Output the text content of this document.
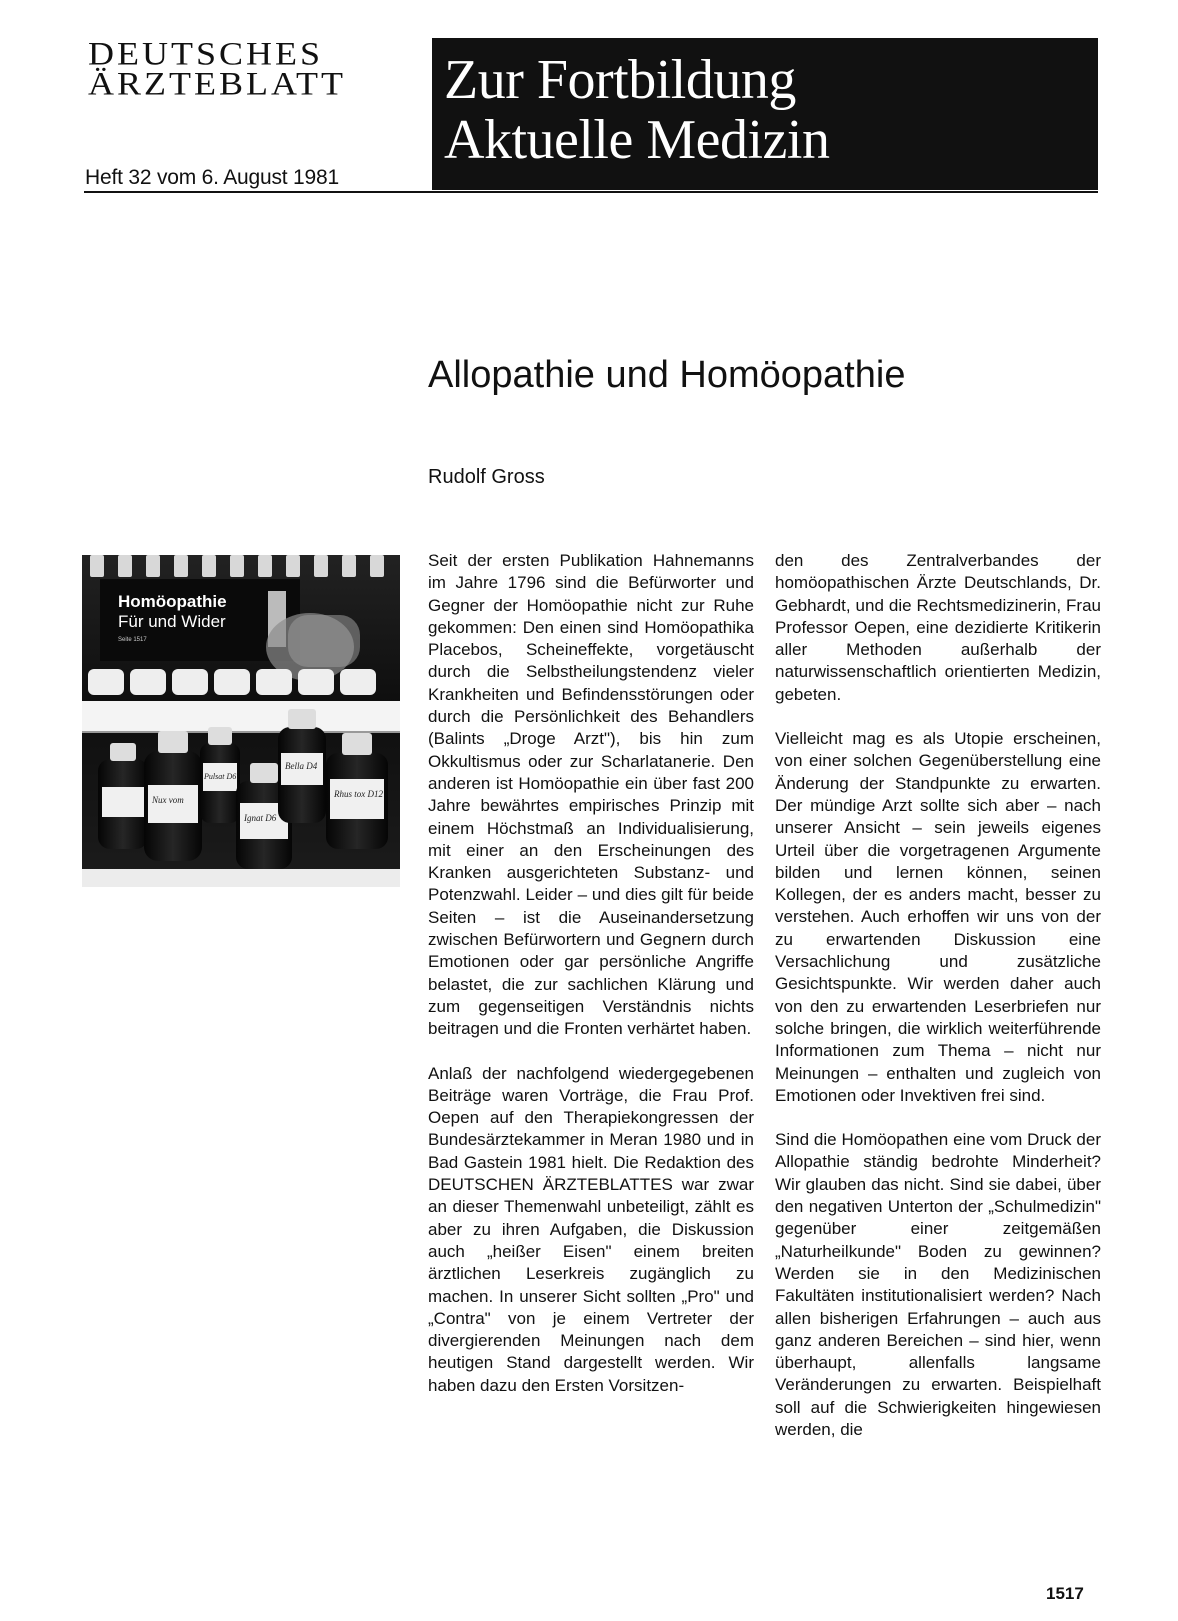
DEUTSCHES
ÄRZTEBLATT
Heft 32 vom 6. August 1981
Zur Fortbildung
Aktuelle Medizin
Allopathie und Homöopathie
Rudolf Gross
Homöopathie
Für und Wider
Seite 1517
Nux vom
Ignat D6
Bella D4
Rhus tox D12
Pulsat D6

Seit der ersten Publikation Hahnemanns im Jahre 1796 sind die Befürworter und Gegner der Homöopathie nicht zur Ruhe gekommen: Den einen sind Homöopathika Placebos, Scheineffekte, vorgetäuscht durch die Selbstheilungstendenz vieler Krankheiten und Befindensstörungen oder durch die Persönlichkeit des Behandlers (Balints „Droge Arzt"), bis hin zum Okkultismus oder zur Scharlatanerie. Den anderen ist Homöopathie ein über fast 200 Jahre bewährtes empirisches Prinzip mit einem Höchstmaß an Individualisierung, mit einer an den Erscheinungen des Kranken ausgerichteten Substanz- und Potenzwahl. Leider – und dies gilt für beide Seiten – ist die Auseinandersetzung zwischen Befürwortern und Gegnern durch Emotionen oder gar persönliche Angriffe belastet, die zur sachlichen Klärung und zum gegenseitigen Verständnis nichts beitragen und die Fronten verhärtet haben.

Anlaß der nachfolgend wiedergegebenen Beiträge waren Vorträge, die Frau Prof. Oepen auf den Therapiekongressen der Bundesärztekammer in Meran 1980 und in Bad Gastein 1981 hielt. Die Redaktion des DEUTSCHEN ÄRZTEBLATTES war zwar an dieser Themenwahl unbeteiligt, zählt es aber zu ihren Aufgaben, die Diskussion auch „heißer Eisen" einem breiten ärztlichen Leserkreis zugänglich zu machen. In unserer Sicht sollten „Pro" und „Contra" von je einem Vertreter der divergierenden Meinungen nach dem heutigen Stand dargestellt werden. Wir haben dazu den Ersten Vorsitzen-

den des Zentralverbandes der homöopathischen Ärzte Deutschlands, Dr. Gebhardt, und die Rechtsmedizinerin, Frau Professor Oepen, eine dezidierte Kritikerin aller Methoden außerhalb der naturwissenschaftlich orientierten Medizin, gebeten.

Vielleicht mag es als Utopie erscheinen, von einer solchen Gegenüberstellung eine Änderung der Standpunkte zu erwarten. Der mündige Arzt sollte sich aber – nach unserer Ansicht – sein jeweils eigenes Urteil über die vorgetragenen Argumente bilden und lernen können, seinen Kollegen, der es anders macht, besser zu verstehen. Auch erhoffen wir uns von der zu erwartenden Diskussion eine Versachlichung und zusätzliche Gesichtspunkte. Wir werden daher auch von den zu erwartenden Leserbriefen nur solche bringen, die wirklich weiterführende Informationen zum Thema – nicht nur Meinungen – enthalten und zugleich von Emotionen oder Invektiven frei sind.

Sind die Homöopathen eine vom Druck der Allopathie ständig bedrohte Minderheit? Wir glauben das nicht. Sind sie dabei, über den negativen Unterton der „Schulmedizin" gegenüber einer zeitgemäßen „Naturheilkunde" Boden zu gewinnen? Werden sie in den Medizinischen Fakultäten institutionalisiert werden? Nach allen bisherigen Erfahrungen – auch aus ganz anderen Bereichen – sind hier, wenn überhaupt, allenfalls langsame Veränderungen zu erwarten. Beispielhaft soll auf die Schwierigkeiten hingewiesen werden, die

1517
